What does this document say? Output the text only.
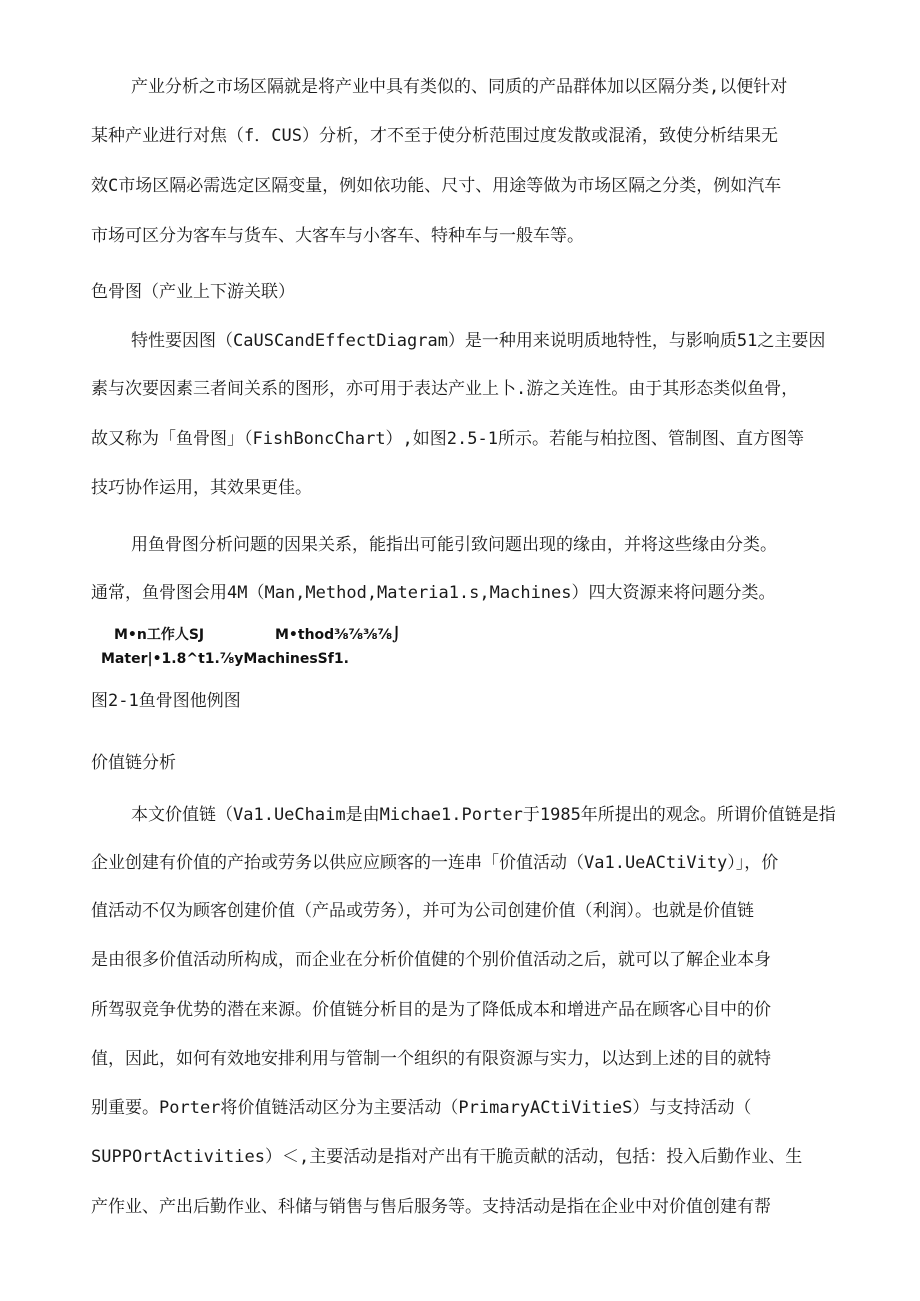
产业分析之市场区隔就是将产业中具有类似的、同质的产品群体加以区隔分类,以便针对
某种产业进行对焦（f．CUS）分析，才不至于使分析范围过度发散或混淆，致使分析结果无
效C市场区隔必需选定区隔变量，例如依功能、尺寸、用途等做为市场区隔之分类，例如汽车
市场可区分为客车与货车、大客车与小客车、特种车与一般车等。
色骨图（产业上下游关联）
特性要因图（CaUSCandEffectDiagram）是一种用来说明质地特性，与影响质51之主要因
素与次要因素三者间关系的图形，亦可用于表达产业上卜.游之关连性。由于其形态类似鱼骨，
故又称为「鱼骨图」（FishBoncChart）,如图2.5-1所示。若能与柏拉图、管制图、直方图等
技巧协作运用，其效果更佳。
用鱼骨图分析问题的因果关系，能指出可能引致问题出现的缘由，并将这些缘由分类。
通常，鱼骨图会用4M（Man,Method,Materia1.s,Machines）四大资源来将问题分类。
M•n工作人SJ	M•thod⅜⅞⅜⅞⌡
Mater|•1.8^t1.⅞yMachinesSf1.
图2-1鱼骨图他例图
价值链分析
本文价值链（Va1.UeChaim是由Michae1.Porter于1985年所提出的观念。所谓价值链是指
企业创建有价值的产抬或劳务以供应应顾客的一连串「价值活动（Va1.UeACtiVity）」，价
值活动不仅为顾客创建价值（产品或劳务），并可为公司创建价值（利润）。也就是价值链
是由很多价值活动所构成，而企业在分析价值健的个别价值活动之后，就可以了解企业本身
所驾驭竞争优势的潜在来源。价值链分析目的是为了降低成本和增进产品在顾客心目中的价
值，因此，如何有效地安排利用与管制一个组织的有限资源与实力，以达到上述的目的就特
别重要。Porter将价值链活动区分为主要活动（PrimaryACtiVitieS）与支持活动（
SUPPOrtActivities）＜,主要活动是指对产出有干脆贡献的活动，包括：投入后勤作业、生
产作业、产出后勤作业、科储与销售与售后服务等。支持活动是指在企业中对价值创建有帮
